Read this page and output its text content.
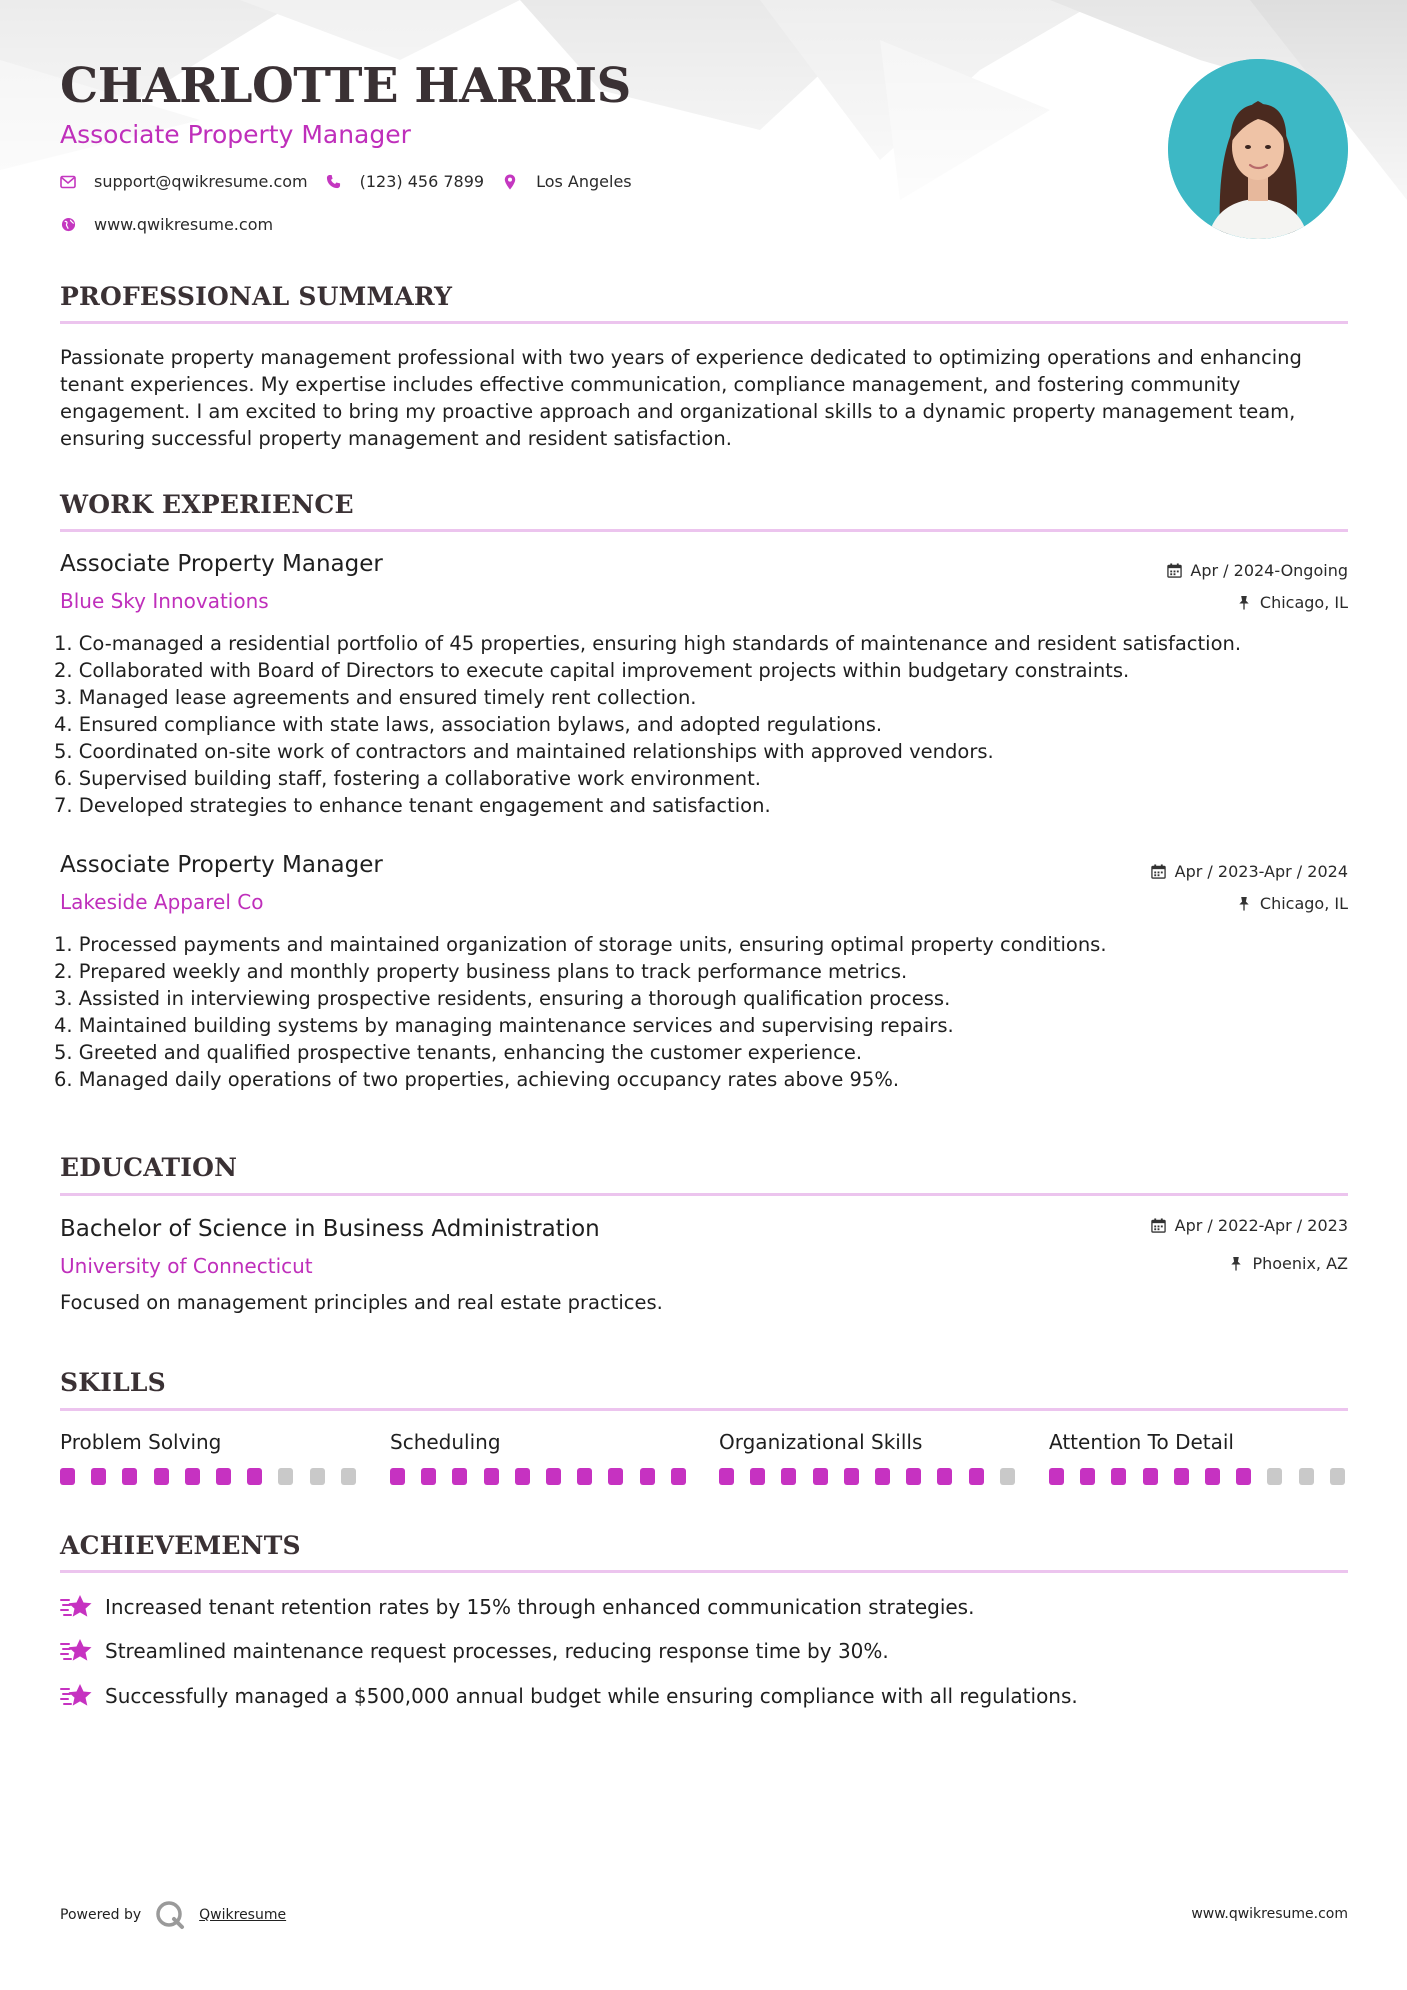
CHARLOTTE HARRIS
Associate Property Manager
support@qwikresume.com	(123) 456 7899	Los Angeles
www.qwikresume.com
PROFESSIONAL SUMMARY
Passionate property management professional with two years of experience dedicated to optimizing operations and enhancing tenant experiences. My expertise includes effective communication, compliance management, and fostering community engagement. I am excited to bring my proactive approach and organizational skills to a dynamic property management team, ensuring successful property management and resident satisfaction.
WORK EXPERIENCE
Associate Property Manager	Apr / 2024-Ongoing
Blue Sky Innovations	Chicago, IL
1. Co-managed a residential portfolio of 45 properties, ensuring high standards of maintenance and resident satisfaction.
2. Collaborated with Board of Directors to execute capital improvement projects within budgetary constraints.
3. Managed lease agreements and ensured timely rent collection.
4. Ensured compliance with state laws, association bylaws, and adopted regulations.
5. Coordinated on-site work of contractors and maintained relationships with approved vendors.
6. Supervised building staff, fostering a collaborative work environment.
7. Developed strategies to enhance tenant engagement and satisfaction.
Associate Property Manager	Apr / 2023-Apr / 2024
Lakeside Apparel Co	Chicago, IL
1. Processed payments and maintained organization of storage units, ensuring optimal property conditions.
2. Prepared weekly and monthly property business plans to track performance metrics.
3. Assisted in interviewing prospective residents, ensuring a thorough qualification process.
4. Maintained building systems by managing maintenance services and supervising repairs.
5. Greeted and qualified prospective tenants, enhancing the customer experience.
6. Managed daily operations of two properties, achieving occupancy rates above 95%.
EDUCATION
Bachelor of Science in Business Administration	Apr / 2022-Apr / 2023
University of Connecticut	Phoenix, AZ
Focused on management principles and real estate practices.
SKILLS
Problem Solving	Scheduling	Organizational Skills	Attention To Detail
ACHIEVEMENTS
Increased tenant retention rates by 15% through enhanced communication strategies.
Streamlined maintenance request processes, reducing response time by 30%.
Successfully managed a $500,000 annual budget while ensuring compliance with all regulations.
Powered by	Qwikresume	www.qwikresume.com
